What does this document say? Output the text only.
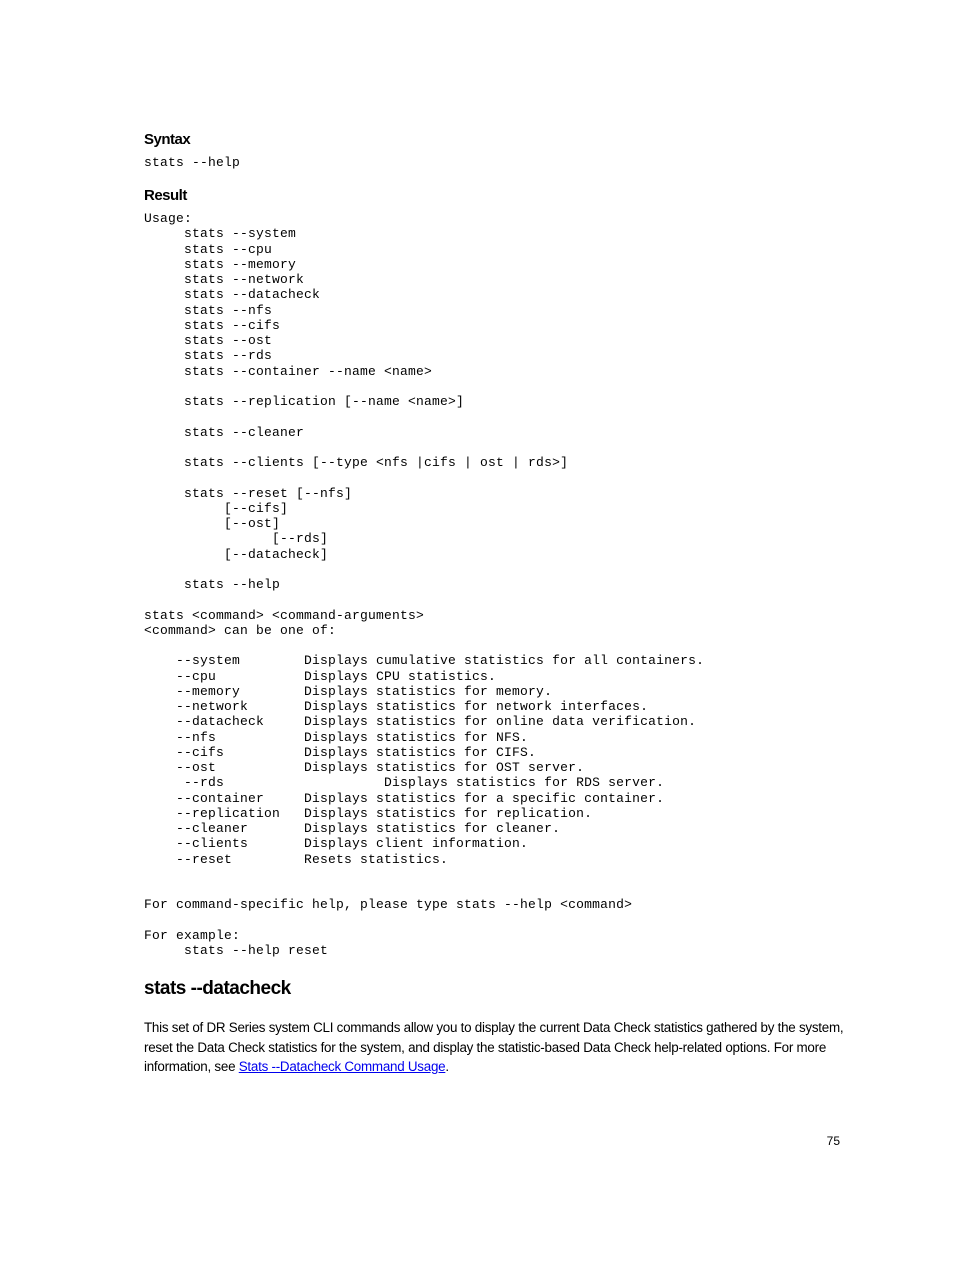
Syntax
stats --help
Result
Usage:
stats --system
stats --cpu
stats --memory
stats --network
stats --datacheck
stats --nfs
stats --cifs
stats --ost
stats --rds
stats --container --name <name>

stats --replication [--name <name>]

stats --cleaner

stats --clients [--type <nfs |cifs | ost | rds>]

stats --reset [--nfs]
[--cifs]
[--ost]
[--rds]
[--datacheck]

stats --help

stats <command> <command-arguments>
<command> can be one of:

--system        Displays cumulative statistics for all containers.
--cpu           Displays CPU statistics.
--memory        Displays statistics for memory.
--network       Displays statistics for network interfaces.
--datacheck     Displays statistics for online data verification.
--nfs           Displays statistics for NFS.
--cifs          Displays statistics for CIFS.
--ost           Displays statistics for OST server.
--rds                    Displays statistics for RDS server.
--container     Displays statistics for a specific container.
--replication   Displays statistics for replication.
--cleaner       Displays statistics for cleaner.
--clients       Displays client information.
--reset         Resets statistics.

For command-specific help, please type stats --help <command>

For example:
stats --help reset
stats --datacheck

This set of DR Series system CLI commands allow you to display the current Data Check statistics gathered by the system, reset the Data Check statistics for the system, and display the statistic-based Data Check help-related options. For more information, see Stats --Datacheck Command Usage.

75
